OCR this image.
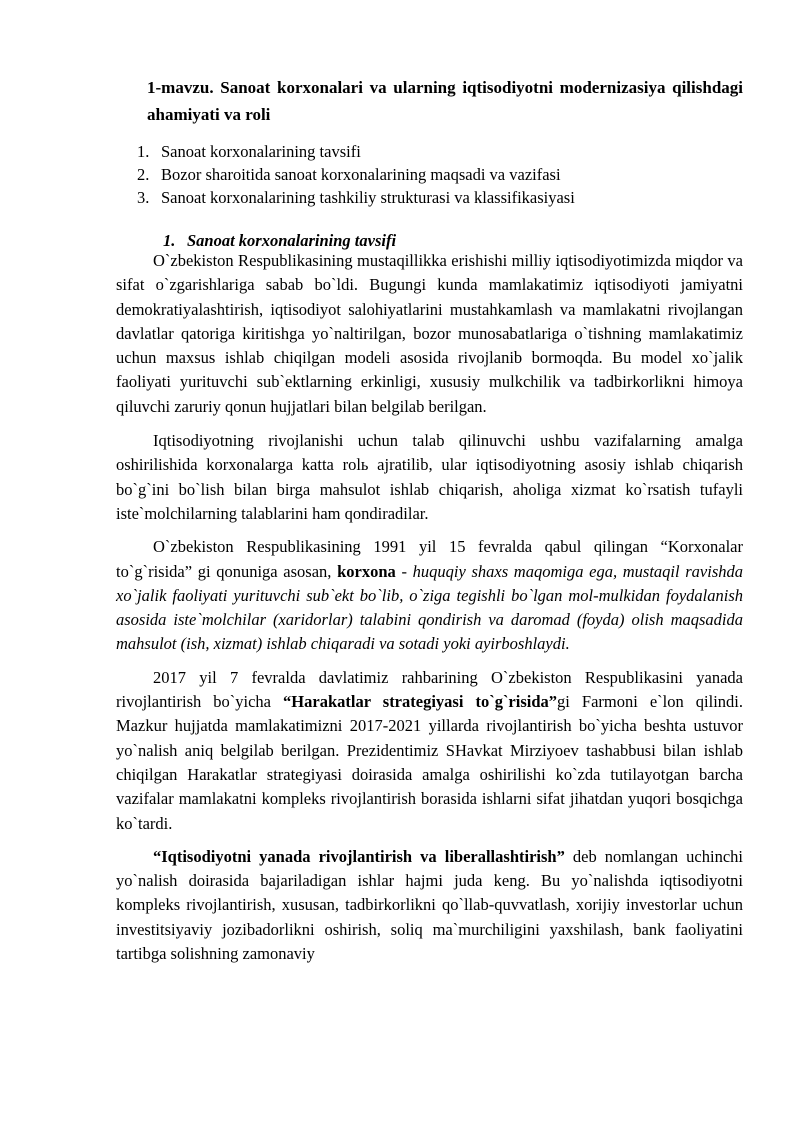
1-mavzu. Sanoat korxonalari va ularning iqtisodiyotni modernizasiya qilishdagi ahamiyati va roli
1. Sanoat korxonalarining tavsifi
2. Bozor sharoitida sanoat korxonalarining maqsadi va vazifasi
3. Sanoat korxonalarining tashkiliy strukturasi va klassifikasiyasi
1. Sanoat korxonalarining tavsifi

O`zbekiston Respublikasining mustaqillikka erishishi milliy iqtisodiyotimizda miqdor va sifat o`zgarishlariga sabab bo`ldi. Bugungi kunda mamlakatimiz iqtisodiyoti jamiyatni demokratiyalashtirish, iqtisodiyot salohiyatlarini mustahkamlash va mamlakatni rivojlangan davlatlar qatoriga kiritishga yo`naltirilgan, bozor munosabatlariga o`tishning mamlakatimiz uchun maxsus ishlab chiqilgan modeli asosida rivojlanib bormoqda. Bu model xo`jalik faoliyati yurituvchi sub`ektlarning erkinligi, xususiy mulkchilik va tadbirkorlikni himoya qiluvchi zaruriy qonun hujjatlari bilan belgilab berilgan.

Iqtisodiyotning rivojlanishi uchun talab qilinuvchi ushbu vazifalarning amalga oshirilishida korxonalarga katta rolь ajratilib, ular iqtisodiyotning asosiy ishlab chiqarish bo`g`ini bo`lish bilan birga mahsulot ishlab chiqarish, aholiga xizmat ko`rsatish tufayli iste`molchilarning talablarini ham qondiradilar.

O`zbekiston Respublikasining 1991 yil 15 fevralda qabul qilingan “Korxonalar to`g`risida” gi qonuniga asosan, korxona - huquqiy shaxs maqomiga ega, mustaqil ravishda xo`jalik faoliyati yurituvchi sub`ekt bo`lib, o`ziga tegishli bo`lgan mol-mulkidan foydalanish asosida iste`molchilar (xaridorlar) talabini qondirish va daromad (foyda) olish maqsadida mahsulot (ish, xizmat) ishlab chiqaradi va sotadi yoki ayirboshlaydi.

2017 yil 7 fevralda davlatimiz rahbarining O`zbekiston Respublikasini yanada rivojlantirish bo`yicha “Harakatlar strategiyasi to`g`risida”gi Farmoni e`lon qilindi. Mazkur hujjatda mamlakatimizni 2017-2021 yillarda rivojlantirish bo`yicha beshta ustuvor yo`nalish aniq belgilab berilgan. Prezidentimiz SHavkat Mirziyoev tashabbusi bilan ishlab chiqilgan Harakatlar strategiyasi doirasida amalga oshirilishi ko`zda tutilayotgan barcha vazifalar mamlakatni kompleks rivojlantirish borasida ishlarni sifat jihatdan yuqori bosqichga ko`tardi.

“Iqtisodiyotni yanada rivojlantirish va liberallashtirish” deb nomlangan uchinchi yo`nalish doirasida bajariladigan ishlar hajmi juda keng. Bu yo`nalishda iqtisodiyotni kompleks rivojlantirish, xususan, tadbirkorlikni qo`llab-quvvatlash, xorijiy investorlar uchun investitsiyaviy jozibadorlikni oshirish, soliq ma`murchiligini yaxshilash, bank faoliyatini tartibga solishning zamonaviy
